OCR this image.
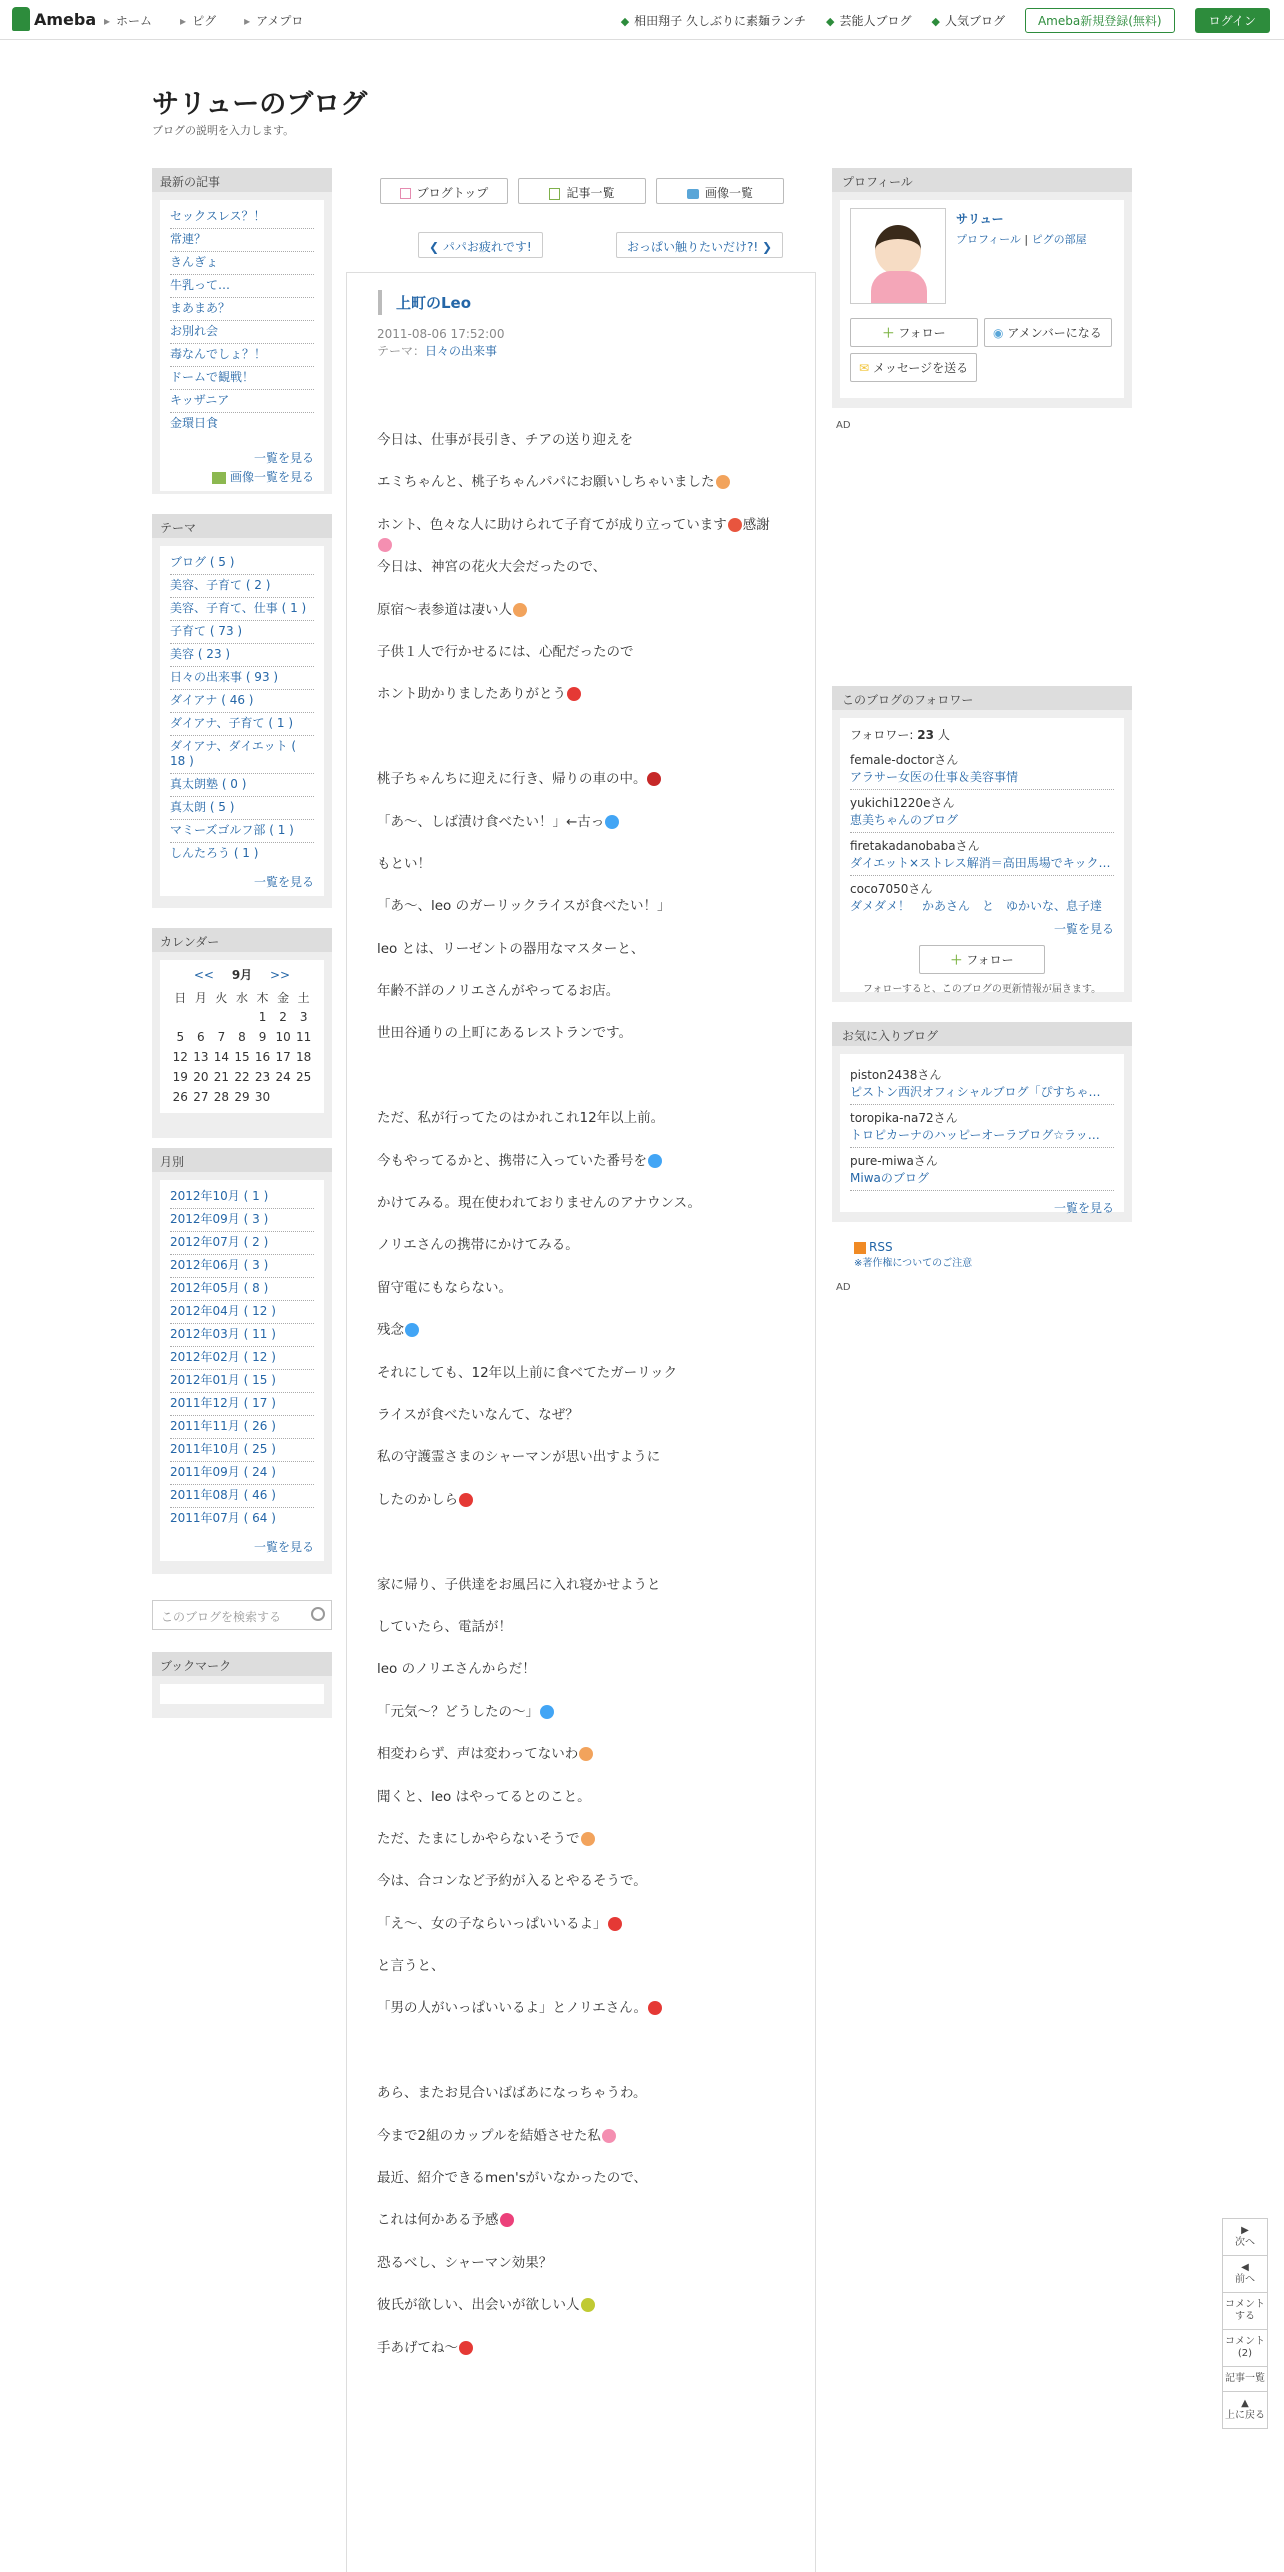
Ameba	▸ ホーム	▸ ピグ	▸ アメプロ	◆ 相田翔子 久しぶりに素麺ランチ	◆ 芸能人ブログ	◆ 人気ブログ	Ameba新規登録(無料)	ログイン
サリューのブログ
ブログの説明を入力します。
最新の記事
セックスレス？！
常連？
きんぎょ
牛乳って…
まあまあ？
お別れ会
毒なんでしょ？！
ドームで観戦！
キッザニア
金環日食
一覧を見る
画像一覧を見る
テーマ
ブログ ( 5 )
美容、子育て ( 2 )
美容、子育て、仕事 ( 1 )
子育て ( 73 )
美容 ( 23 )
日々の出来事 ( 93 )
ダイアナ ( 46 )
ダイアナ、子育て ( 1 )
ダイアナ、ダイエット ( 18 )
真太朗塾 ( 0 )
真太朗 ( 5 )
マミーズゴルフ部 ( 1 )
しんたろう ( 1 )
一覧を見る
カレンダー
<< 9月 >>
日	月	火	水	木	金	土
				1	2	3
5	6	7	8	9	10	11
12	13	14	15	16	17	18
19	20	21	22	23	24	25
26	27	28	29	30		
月別
2012年10月 ( 1 )
2012年09月 ( 3 )
2012年07月 ( 2 )
2012年06月 ( 3 )
2012年05月 ( 8 )
2012年04月 ( 12 )
2012年03月 ( 11 )
2012年02月 ( 12 )
2012年01月 ( 15 )
2011年12月 ( 17 )
2011年11月 ( 26 )
2011年10月 ( 25 )
2011年09月 ( 24 )
2011年08月 ( 46 )
2011年07月 ( 64 )
一覧を見る
このブログを検索する
ブックマーク
ブログトップ	記事一覧	画像一覧
❮ パパお疲れです!	おっぱい触りたいだけ?! ❯
上町のLeo
2011-08-06 17:52:00
テーマ：日々の出来事

今日は、仕事が長引き、チアの送り迎えを

エミちゃんと、桃子ちゃんパパにお願いしちゃいました

ホント、色々な人に助けられて子育てが成り立っています 感謝

今日は、神宮の花火大会だったので、

原宿～表参道は凄い人

子供１人で行かせるには、心配だったので

ホント助かりましたありがとう

桃子ちゃんちに迎えに行き、帰りの車の中。

「あ～、しば漬け食べたい！」←古っ

もとい！

「あ～、leo のガーリックライスが食べたい！」

leo とは、リーゼントの器用なマスターと、

年齢不詳のノリエさんがやってるお店。

世田谷通りの上町にあるレストランです。

ただ、私が行ってたのはかれこれ12年以上前。

今もやってるかと、携帯に入っていた番号を

かけてみる。現在使われておりませんのアナウンス。

ノリエさんの携帯にかけてみる。

留守電にもならない。

残念

それにしても、12年以上前に食べてたガーリック

ライスが食べたいなんて、なぜ？

私の守護霊さまのシャーマンが思い出すように

したのかしら

家に帰り、子供達をお風呂に入れ寝かせようと

していたら、電話が！

leo のノリエさんからだ！

「元気～？どうしたの～」

相変わらず、声は変わってないわ

聞くと、leo はやってるとのこと。

ただ、たまにしかやらないそうで

今は、合コンなど予約が入るとやるそうで。

「え～、女の子ならいっぱいいるよ」

と言うと、

「男の人がいっぱいいるよ」とノリエさん。

あら、またお見合いばばあになっちゃうわ。

今まで2組のカップルを結婚させた私

最近、紹介できるmen'sがいなかったので、

これは何かある予感

恐るべし、シャーマン効果？

彼氏が欲しい、出会いが欲しい人

手あげてね～

プロフィール
サリュー
プロフィール | ピグの部屋
＋ フォロー	◉ アメンバーになる
✉ メッセージを送る
AD
このブログのフォロワー
フォロワー: 23 人
female-doctorさん
アラサー女医の仕事＆美容事情
yukichi1220eさん
恵美ちゃんのブログ
firetakadanobabaさん
ダイエット×ストレス解消＝高田馬場でキック…
coco7050さん
ダメダメ！　かあさん　と　ゆかいな、息子達
一覧を見る
＋ フォロー
フォローすると、このブログの更新情報が届きます。
お気に入りブログ
piston2438さん
ピストン西沢オフィシャルブログ「ぴすちゃ…
toropika-na72さん
トロピカーナのハッピーオーラブログ☆ラッ…
pure-miwaさん
Miwaのブログ
一覧を見る
RSS
※著作権についてのご注意
AD
▶
次へ
◀
前へ
コメントする
コメント(2)
記事一覧
▲
上に戻る
